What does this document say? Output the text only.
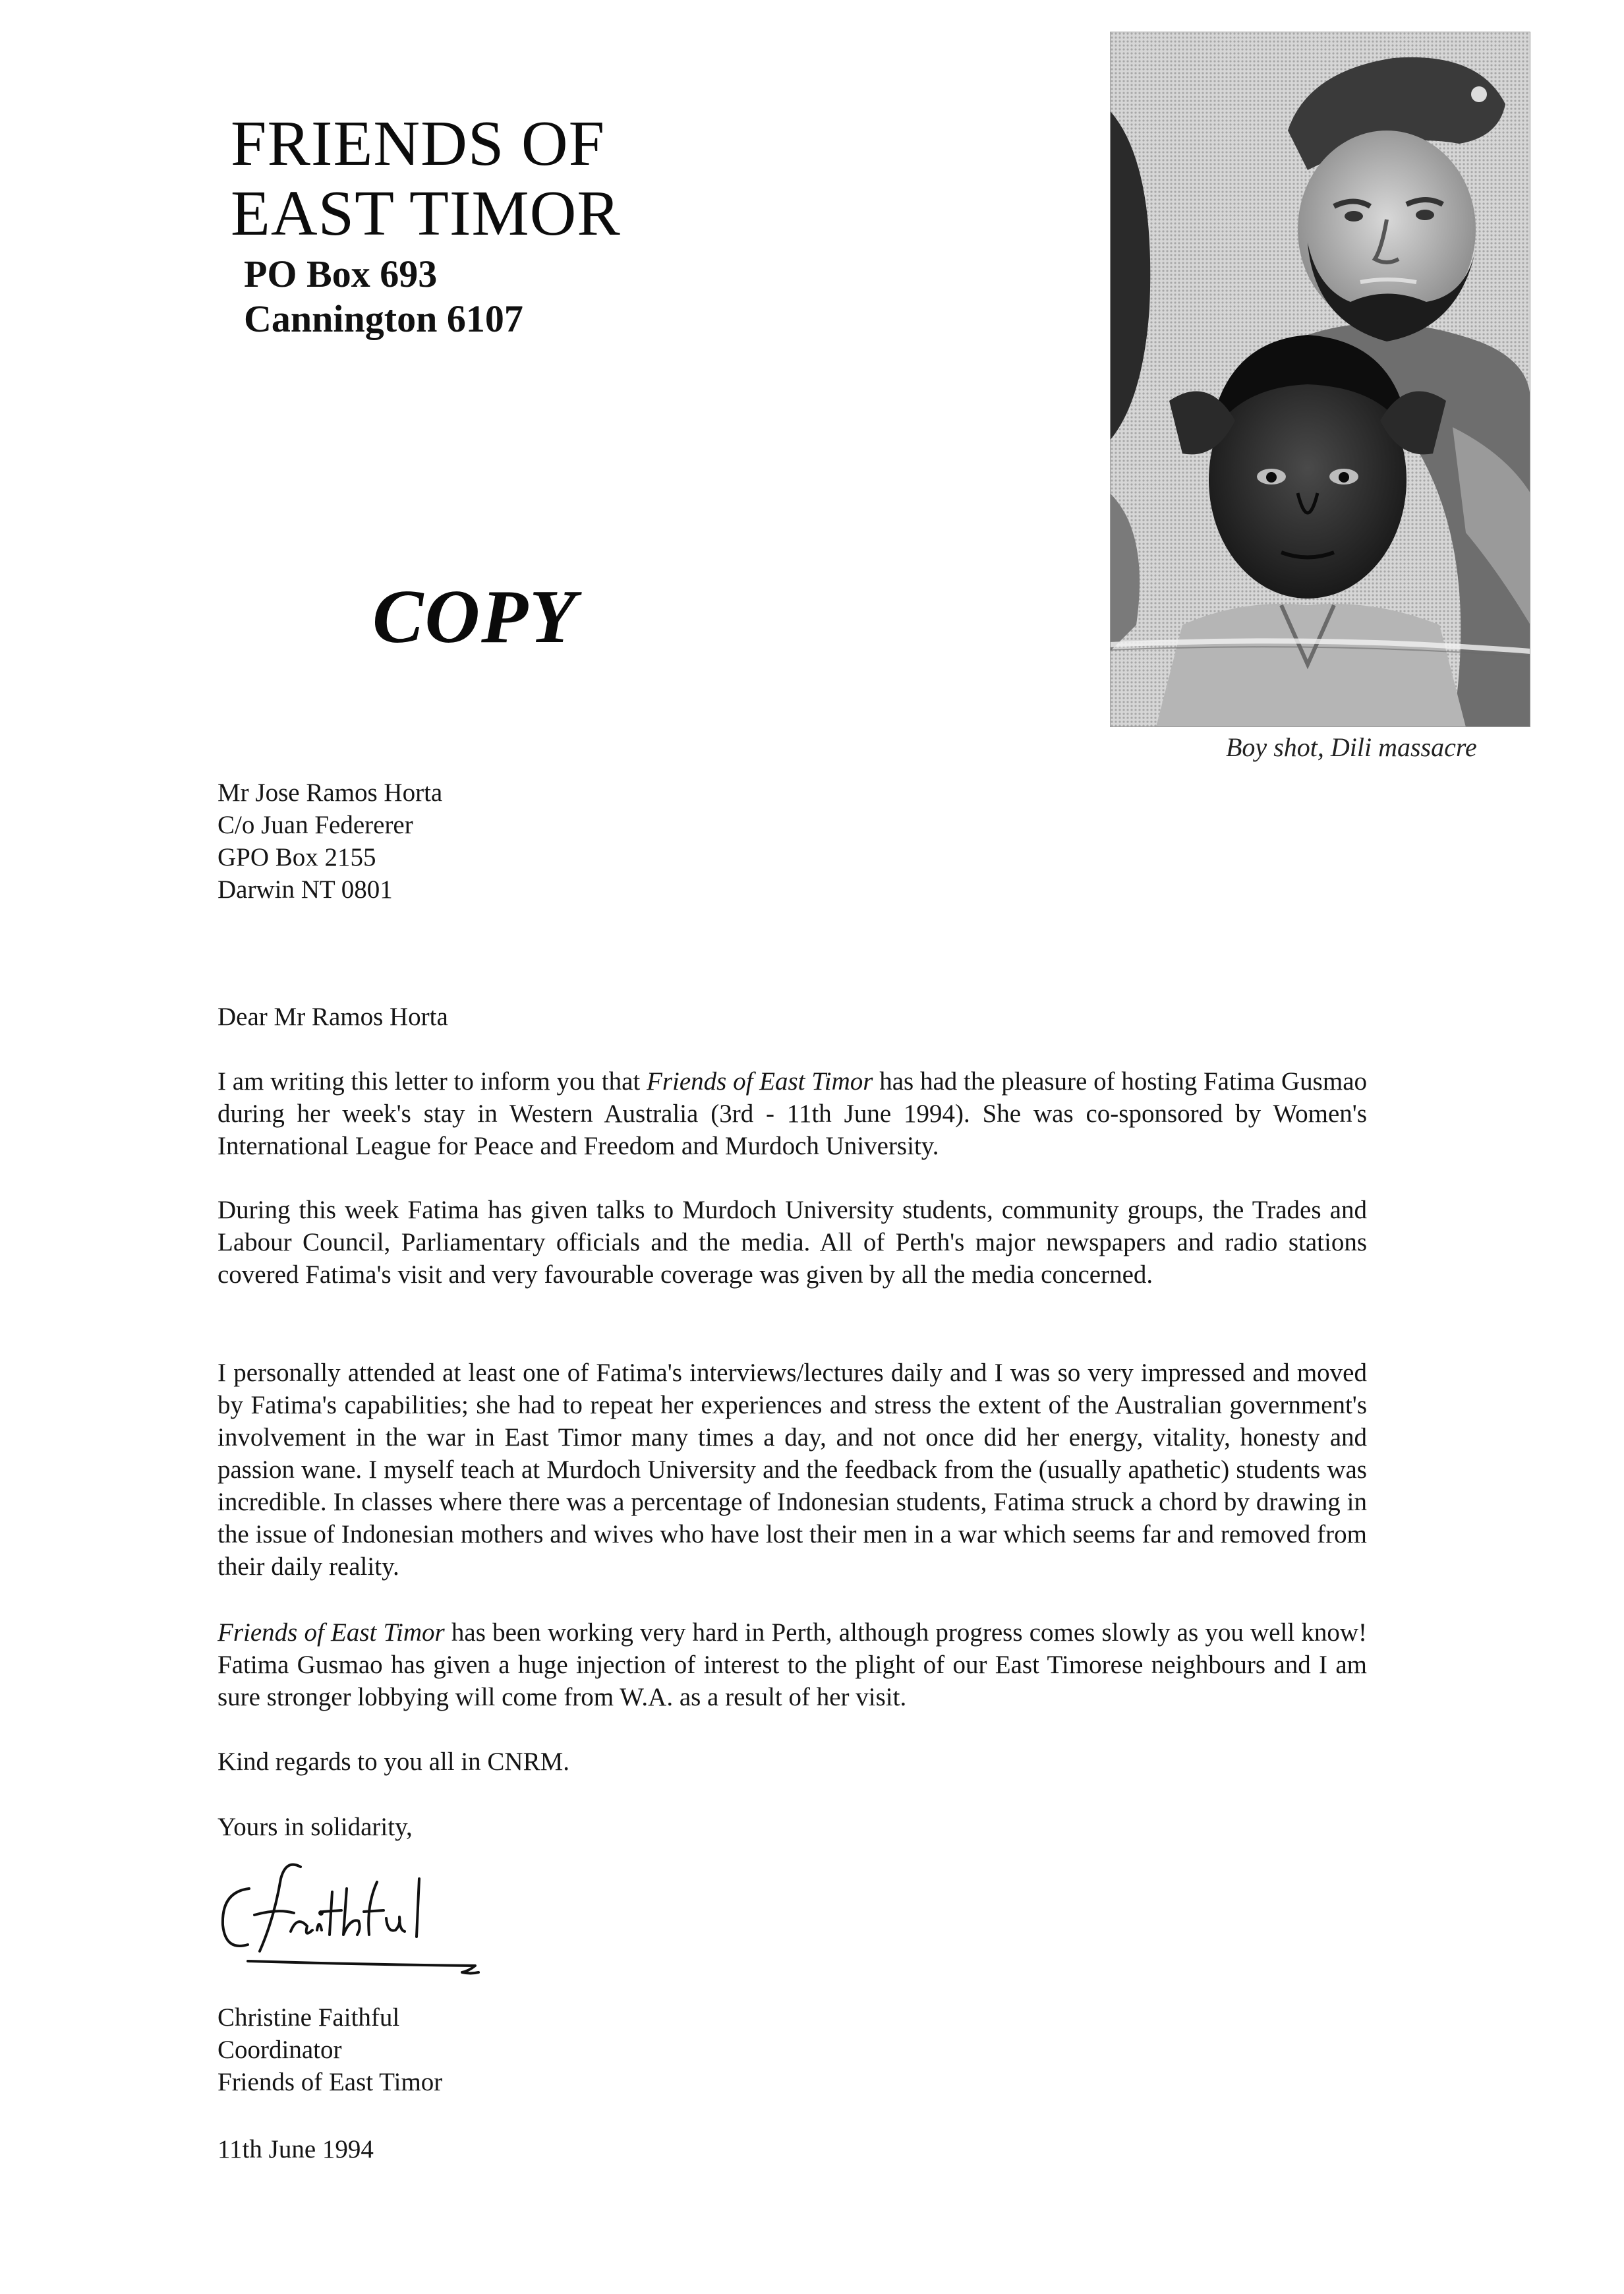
FRIENDS OF
EAST TIMOR
PO Box 693
Cannington 6107
COPY
Boy shot, Dili massacre
Mr Jose Ramos Horta
C/o Juan Federerer
GPO Box 2155
Darwin NT 0801
Dear Mr Ramos Horta

I am writing this letter to inform you that Friends of East Timor has had the pleasure of hosting Fatima Gusmao during her week's stay in Western Australia (3rd - 11th June 1994). She was co-sponsored by Women's International League for Peace and Freedom and Murdoch University.

During this week Fatima has given talks to Murdoch University students, community groups, the Trades and Labour Council, Parliamentary officials and the media. All of Perth's major newspapers and radio stations covered Fatima's visit and very favourable coverage was given by all the media concerned.

I personally attended at least one of Fatima's interviews/lectures daily and I was so very impressed and moved by Fatima's capabilities; she had to repeat her experiences and stress the extent of the Australian government's involvement in the war in East Timor many times a day, and not once did her energy, vitality, honesty and passion wane. I myself teach at Murdoch University and the feedback from the (usually apathetic) students was incredible. In classes where there was a percentage of Indonesian students, Fatima struck a chord by drawing in the issue of Indonesian mothers and wives who have lost their men in a war which seems far and removed from their daily reality.

Friends of East Timor has been working very hard in Perth, although progress comes slowly as you well know! Fatima Gusmao has given a huge injection of interest to the plight of our East Timorese neighbours and I am sure stronger lobbying will come from W.A. as a result of her visit.

Kind regards to you all in CNRM.
Yours in solidarity,
Christine Faithful
Coordinator
Friends of East Timor
11th June 1994
